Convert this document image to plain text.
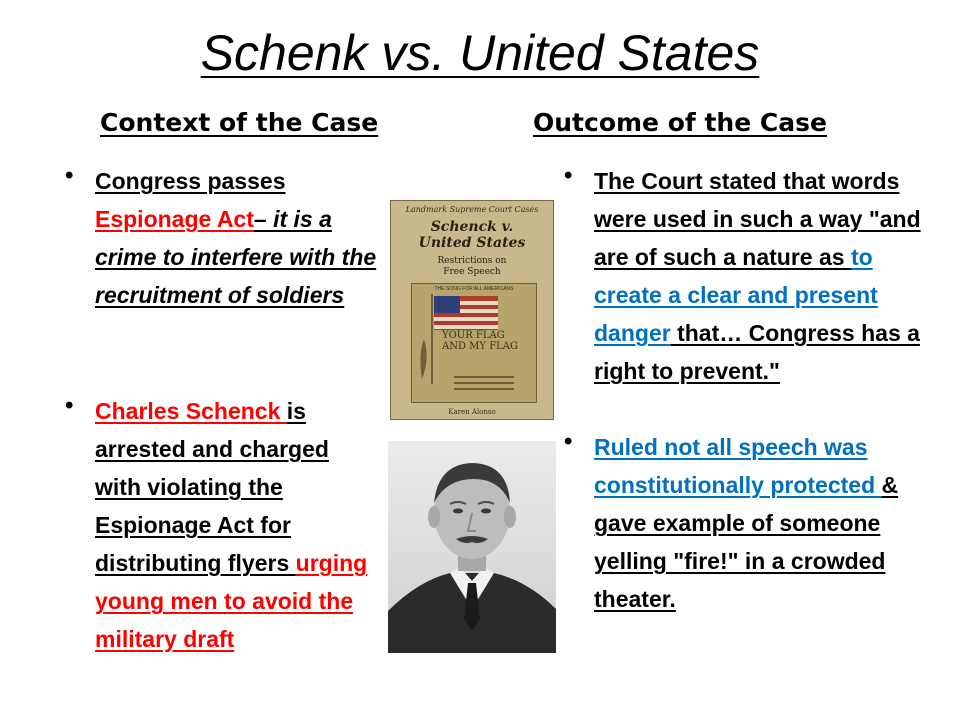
Schenk vs. United States
Context of the Case	Outcome of the Case
• Congress passes Espionage Act– it is a crime to interfere with the recruitment of soldiers
• Charles Schenck is arrested and charged with violating the Espionage Act for distributing flyers urging young men to avoid the military draft
• The Court stated that words were used in such a way "and are of such a nature as to create a clear and present danger that… Congress has a right to prevent."
• Ruled not all speech was constitutionally protected & gave example of someone yelling "fire!" in a crowded theater.
Landmark Supreme Court Cases
Schenck v.
United States
Restrictions on
Free Speech
THE SONG FOR ALL AMERICANS
YOUR FLAG
AND MY FLAG
Karen Alonso
